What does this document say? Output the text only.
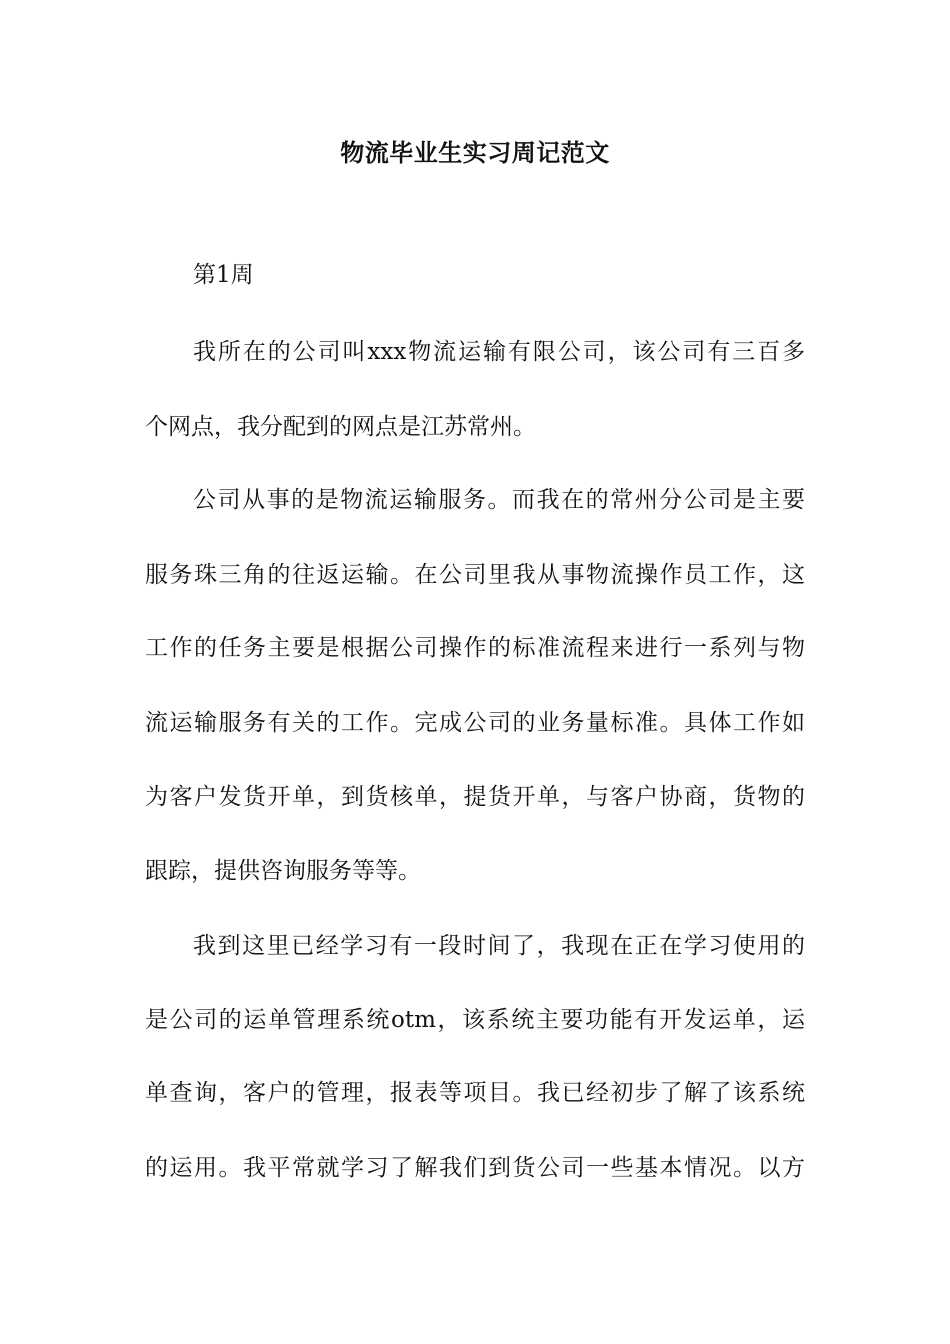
物流毕业生实习周记范文
第1周
我所在的公司叫xxx物流运输有限公司，该公司有三百多
个网点，我分配到的网点是江苏常州。
公司从事的是物流运输服务。而我在的常州分公司是主要
服务珠三角的往返运输。在公司里我从事物流操作员工作，这
工作的任务主要是根据公司操作的标准流程来进行一系列与物
流运输服务有关的工作。完成公司的业务量标准。具体工作如
为客户发货开单，到货核单，提货开单，与客户协商，货物的
跟踪，提供咨询服务等等。
我到这里已经学习有一段时间了，我现在正在学习使用的
是公司的运单管理系统otm，该系统主要功能有开发运单，运
单查询，客户的管理，报表等项目。我已经初步了解了该系统
的运用。我平常就学习了解我们到货公司一些基本情况。以方
